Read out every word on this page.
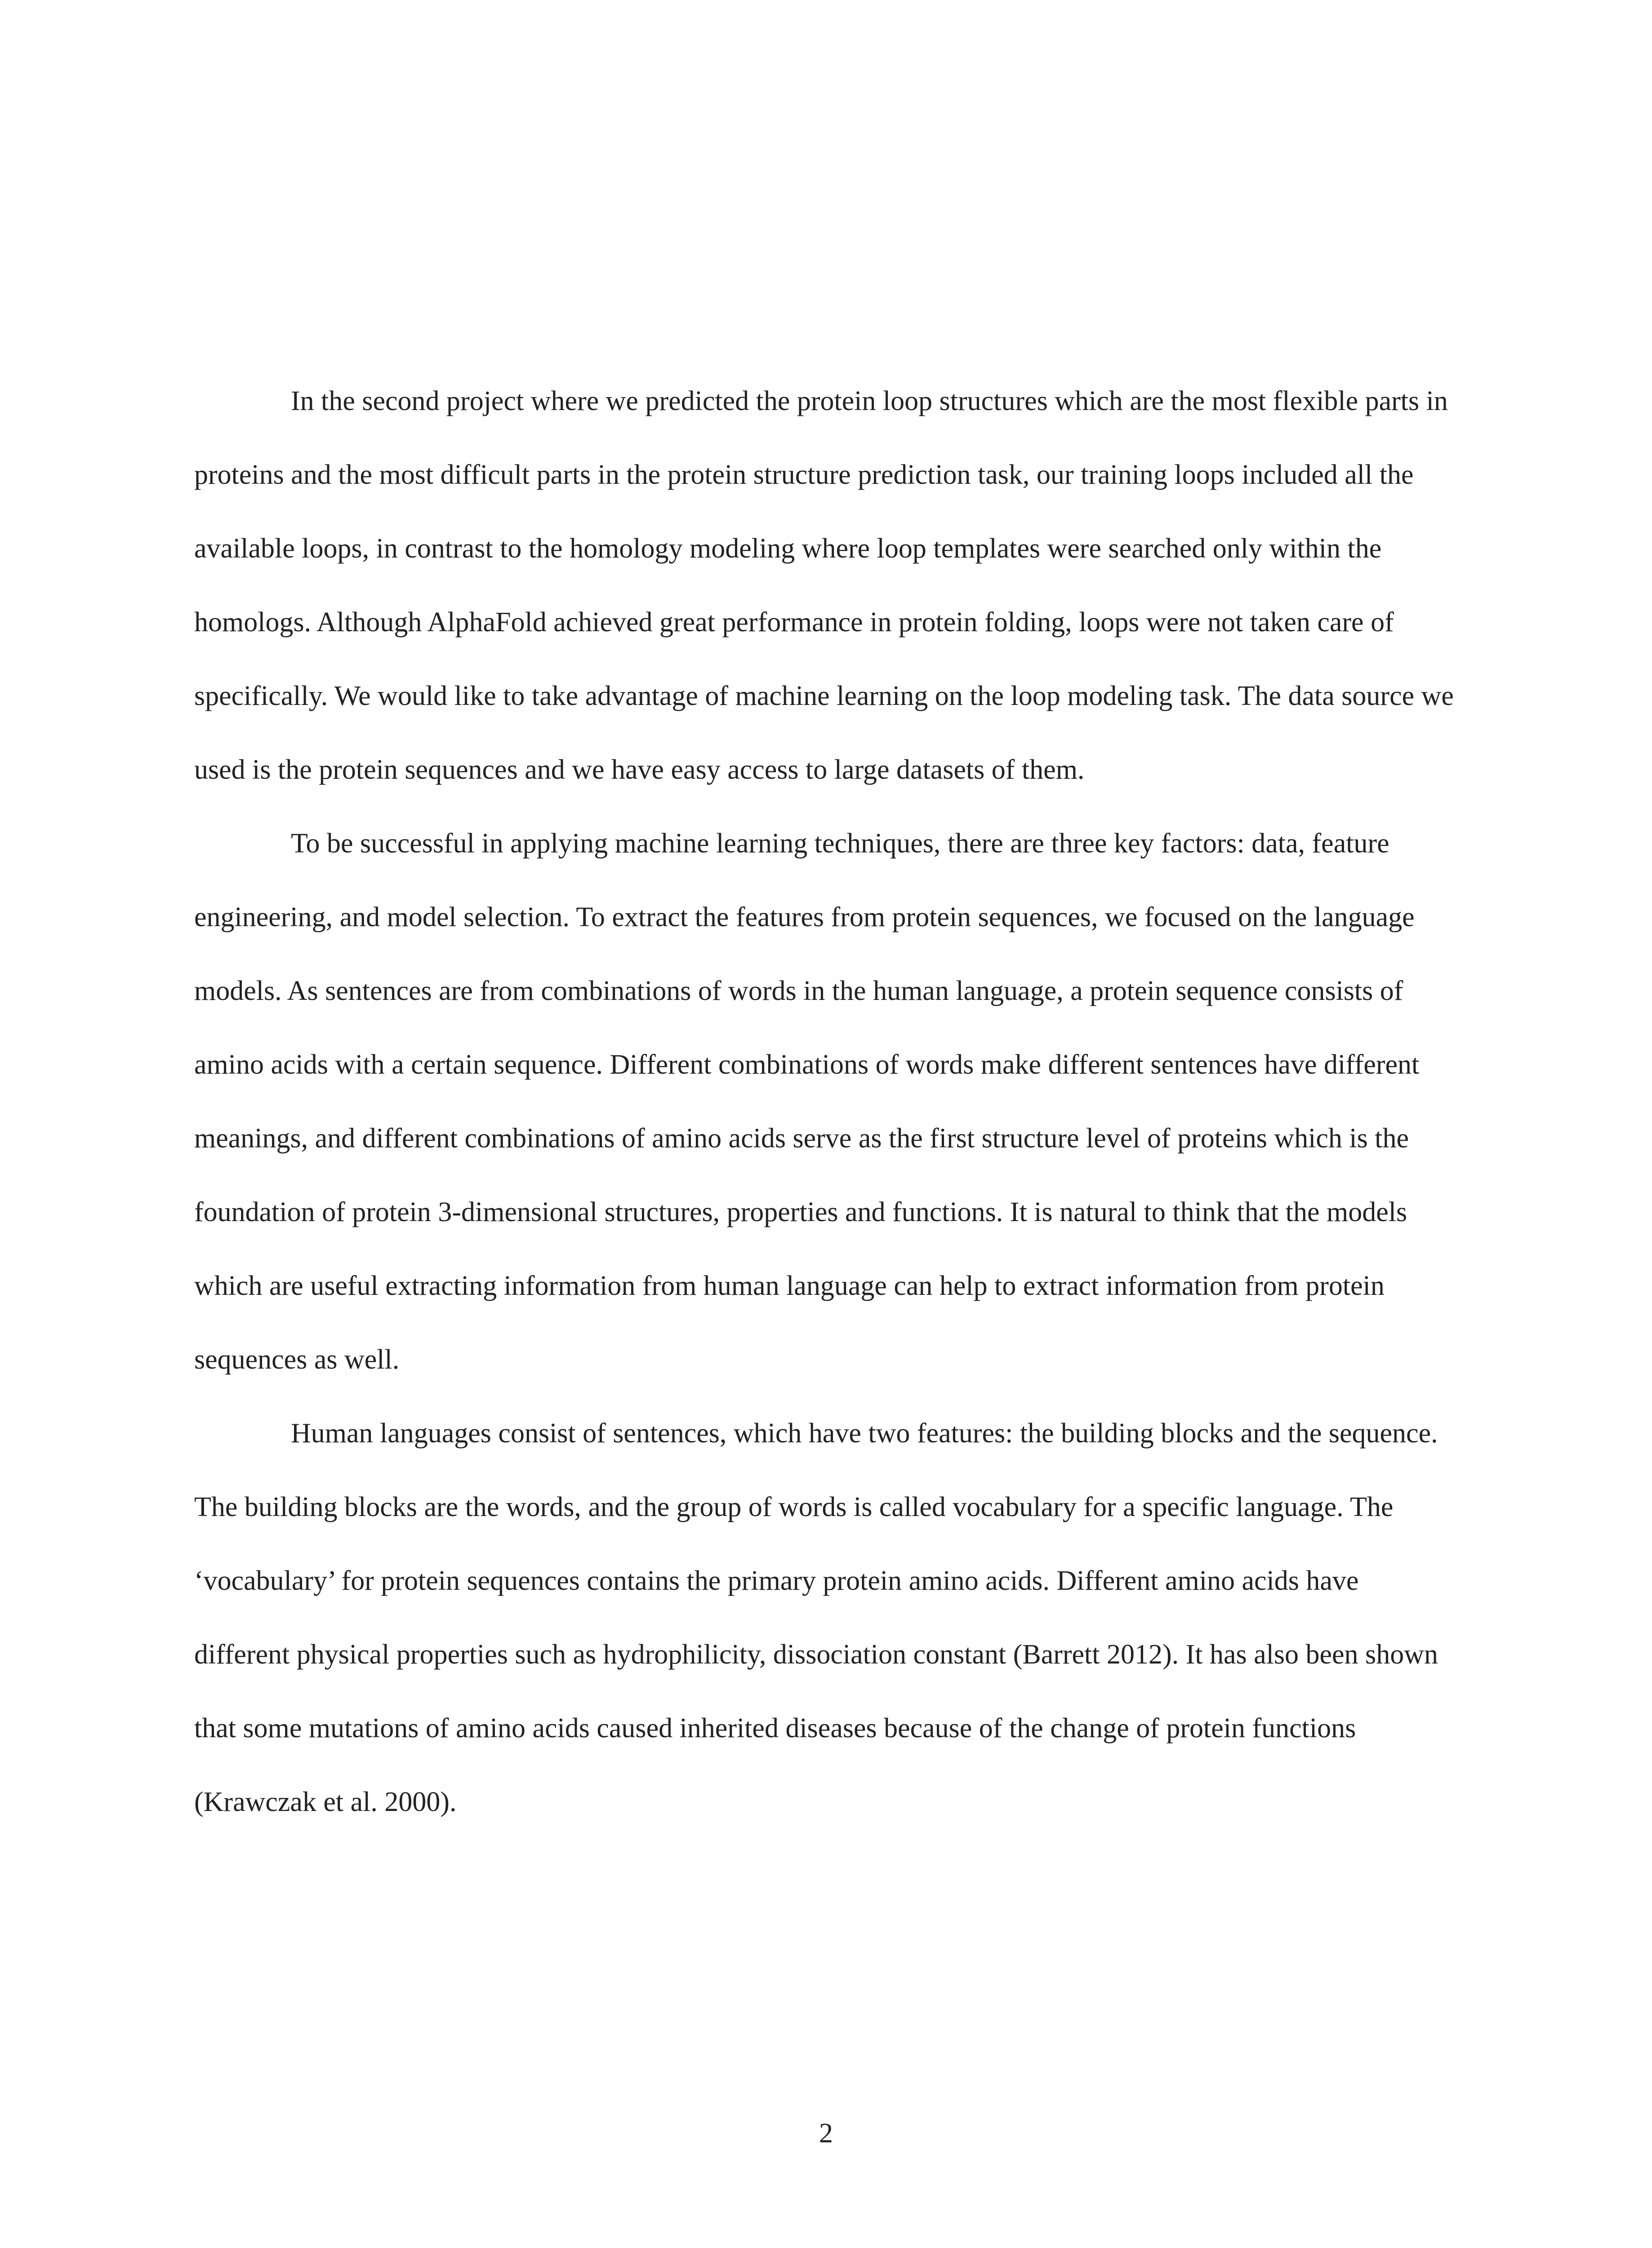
In the second project where we predicted the protein loop structures which are the most flexible parts in proteins and the most difficult parts in the protein structure prediction task, our training loops included all the available loops, in contrast to the homology modeling where loop templates were searched only within the homologs. Although AlphaFold achieved great performance in protein folding, loops were not taken care of specifically. We would like to take advantage of machine learning on the loop modeling task. The data source we used is the protein sequences and we have easy access to large datasets of them.

To be successful in applying machine learning techniques, there are three key factors: data, feature engineering, and model selection. To extract the features from protein sequences, we focused on the language models. As sentences are from combinations of words in the human language, a protein sequence consists of amino acids with a certain sequence. Different combinations of words make different sentences have different meanings, and different combinations of amino acids serve as the first structure level of proteins which is the foundation of protein 3-dimensional structures, properties and functions. It is natural to think that the models which are useful extracting information from human language can help to extract information from protein sequences as well.

Human languages consist of sentences, which have two features: the building blocks and the sequence. The building blocks are the words, and the group of words is called vocabulary for a specific language. The ‘vocabulary’ for protein sequences contains the primary protein amino acids. Different amino acids have different physical properties such as hydrophilicity, dissociation constant (Barrett 2012). It has also been shown that some mutations of amino acids caused inherited diseases because of the change of protein functions (Krawczak et al. 2000).

2
